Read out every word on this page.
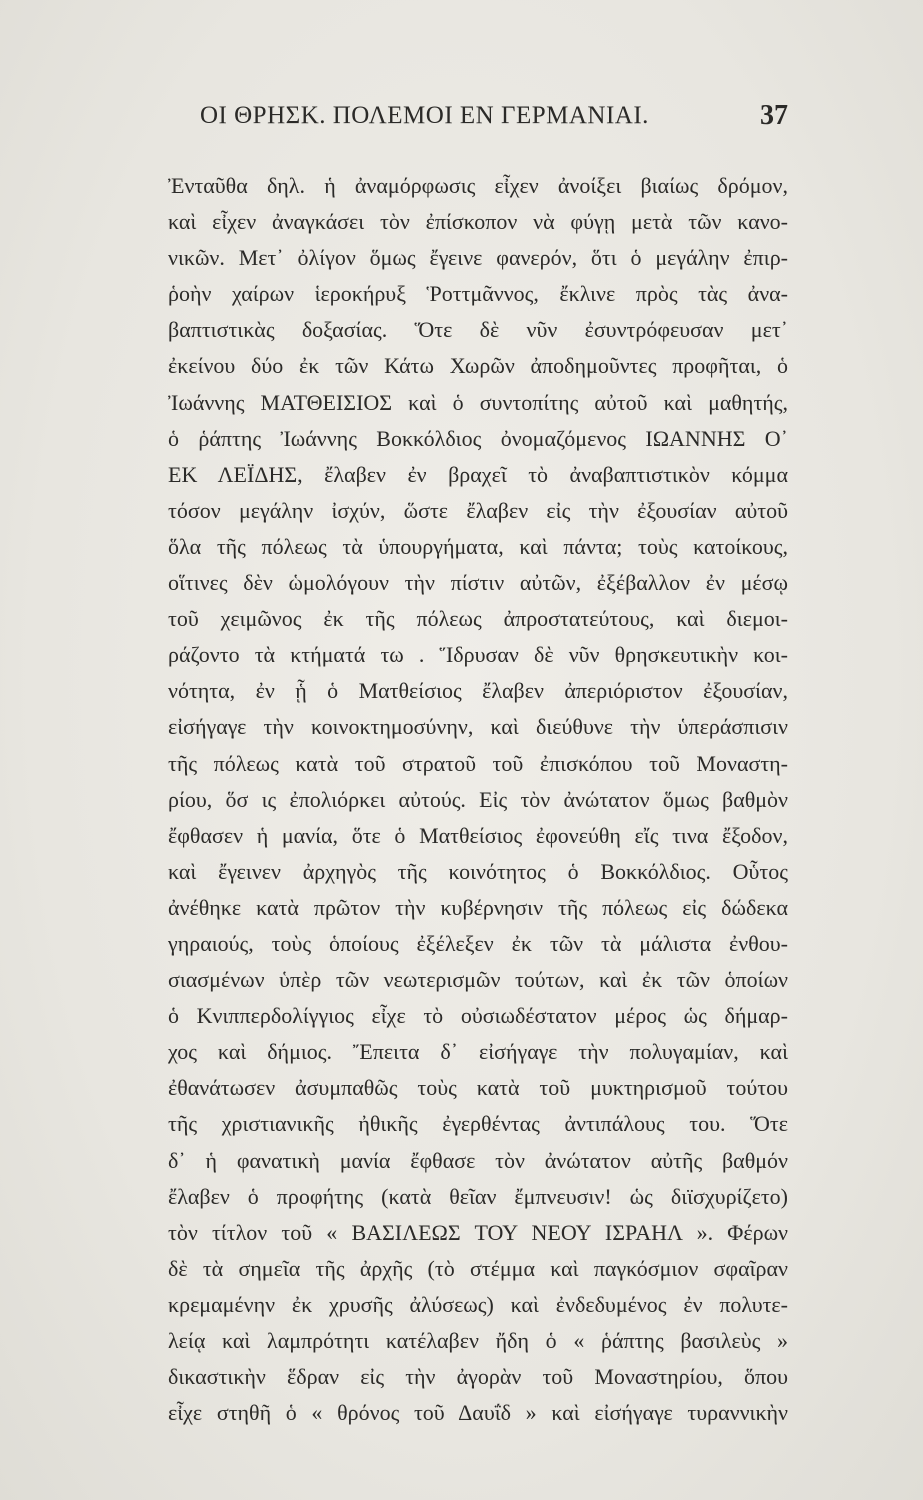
ΟΙ ΘΡΗΣΚ. ΠΟΛΕΜΟΙ ΕΝ ΓΕΡΜΑΝΙΑΙ.	37
Ἐνταῦθα δηλ. ἡ ἀναμόρφωσις εἶχεν ἀνοίξει βιαίως δρόμον,
καὶ εἶχεν ἀναγκάσει τὸν ἐπίσκοπον νὰ φύγῃ μετὰ τῶν κανο-
νικῶν. Μετ᾿ ὀλίγον ὅμως ἔγεινε φανερόν, ὅτι ὁ μεγάλην ἐπιρ-
ῥοὴν χαίρων ἱεροκήρυξ Ῥοττμᾶννος, ἔκλινε πρὸς τὰς ἀνα-
βαπτιστικὰς δοξασίας. Ὅτε δὲ νῦν ἐσυντρόφευσαν μετ᾿
ἐκείνου δύο ἐκ τῶν Κάτω Χωρῶν ἀποδημοῦντες προφῆται, ὁ
Ἰωάννης ΜΑΤΘΕΙΣΙΟΣ καὶ ὁ συντοπίτης αὐτοῦ καὶ μαθητής,
ὁ ῥάπτης Ἰωάννης Βοκκόλδιος ὀνομαζόμενος ΙΩΑΝΝΗΣ Ο᾿
ΕΚ ΛΕΪΔΗΣ, ἔλαβεν ἐν βραχεῖ τὸ ἀναβαπτιστικὸν κόμμα
τόσον μεγάλην ἰσχύν, ὥστε ἔλαβεν εἰς τὴν ἐξουσίαν αὐτοῦ
ὅλα τῆς πόλεως τὰ ὑπουργήματα, καὶ πάντα; τοὺς κατοίκους,
οἵτινες δὲν ὡμολόγουν τὴν πίστιν αὐτῶν, ἐξέβαλλον ἐν μέσῳ
τοῦ χειμῶνος ἐκ τῆς πόλεως ἀπροστατεύτους, καὶ διεμοι-
ράζοντο τὰ κτήματά τω . Ἵδρυσαν δὲ νῦν θρησκευτικὴν κοι-
νότητα, ἐν ᾗ ὁ Ματθείσιος ἔλαβεν ἀπεριόριστον ἐξουσίαν,
εἰσήγαγε τὴν κοινοκτημοσύνην, καὶ διεύθυνε τὴν ὑπεράσπισιν
τῆς πόλεως κατὰ τοῦ στρατοῦ τοῦ ἐπισκόπου τοῦ Μοναστη-
ρίου, ὅσ ις ἐπολιόρκει αὐτούς. Εἰς τὸν ἀνώτατον ὅμως βαθμὸν
ἔφθασεν ἡ μανία, ὅτε ὁ Ματθείσιος ἐφονεύθη εἴς τινα ἔξοδον,
καὶ ἔγεινεν ἀρχηγὸς τῆς κοινότητος ὁ Βοκκόλδιος. Οὗτος
ἀνέθηκε κατὰ πρῶτον τὴν κυβέρνησιν τῆς πόλεως εἰς δώδεκα
γηραιούς, τοὺς ὁποίους ἐξέλεξεν ἐκ τῶν τὰ μάλιστα ἐνθου-
σιασμένων ὑπὲρ τῶν νεωτερισμῶν τούτων, καὶ ἐκ τῶν ὁποίων
ὁ Κνιππερδολίγγιος εἶχε τὸ οὐσιωδέστατον μέρος ὡς δήμαρ-
χος καὶ δήμιος. Ἔπειτα δ᾿ εἰσήγαγε τὴν πολυγαμίαν, καὶ
ἐθανάτωσεν ἀσυμπαθῶς τοὺς κατὰ τοῦ μυκτηρισμοῦ τούτου
τῆς χριστιανικῆς ἠθικῆς ἐγερθέντας ἀντιπάλους του. Ὅτε
δ᾿ ἡ φανατικὴ μανία ἔφθασε τὸν ἀνώτατον αὐτῆς βαθμόν
ἔλαβεν ὁ προφήτης (κατὰ θεῖαν ἔμπνευσιν! ὡς διϊσχυρίζετο)
τὸν τίτλον τοῦ « ΒΑΣΙΛΕΩΣ ΤΟΥ ΝΕΟΥ ΙΣΡΑΗΛ ». Φέρων
δὲ τὰ σημεῖα τῆς ἀρχῆς (τὸ στέμμα καὶ παγκόσμιον σφαῖραν
κρεμαμένην ἐκ χρυσῆς ἀλύσεως) καὶ ἐνδεδυμένος ἐν πολυτε-
λείᾳ καὶ λαμπρότητι κατέλαβεν ἤδη ὁ « ῥάπτης βασιλεὺς »
δικαστικὴν ἕδραν εἰς τὴν ἀγορὰν τοῦ Μοναστηρίου, ὅπου
εἶχε στηθῆ ὁ « θρόνος τοῦ Δαυΐδ » καὶ εἰσήγαγε τυραννικὴν
